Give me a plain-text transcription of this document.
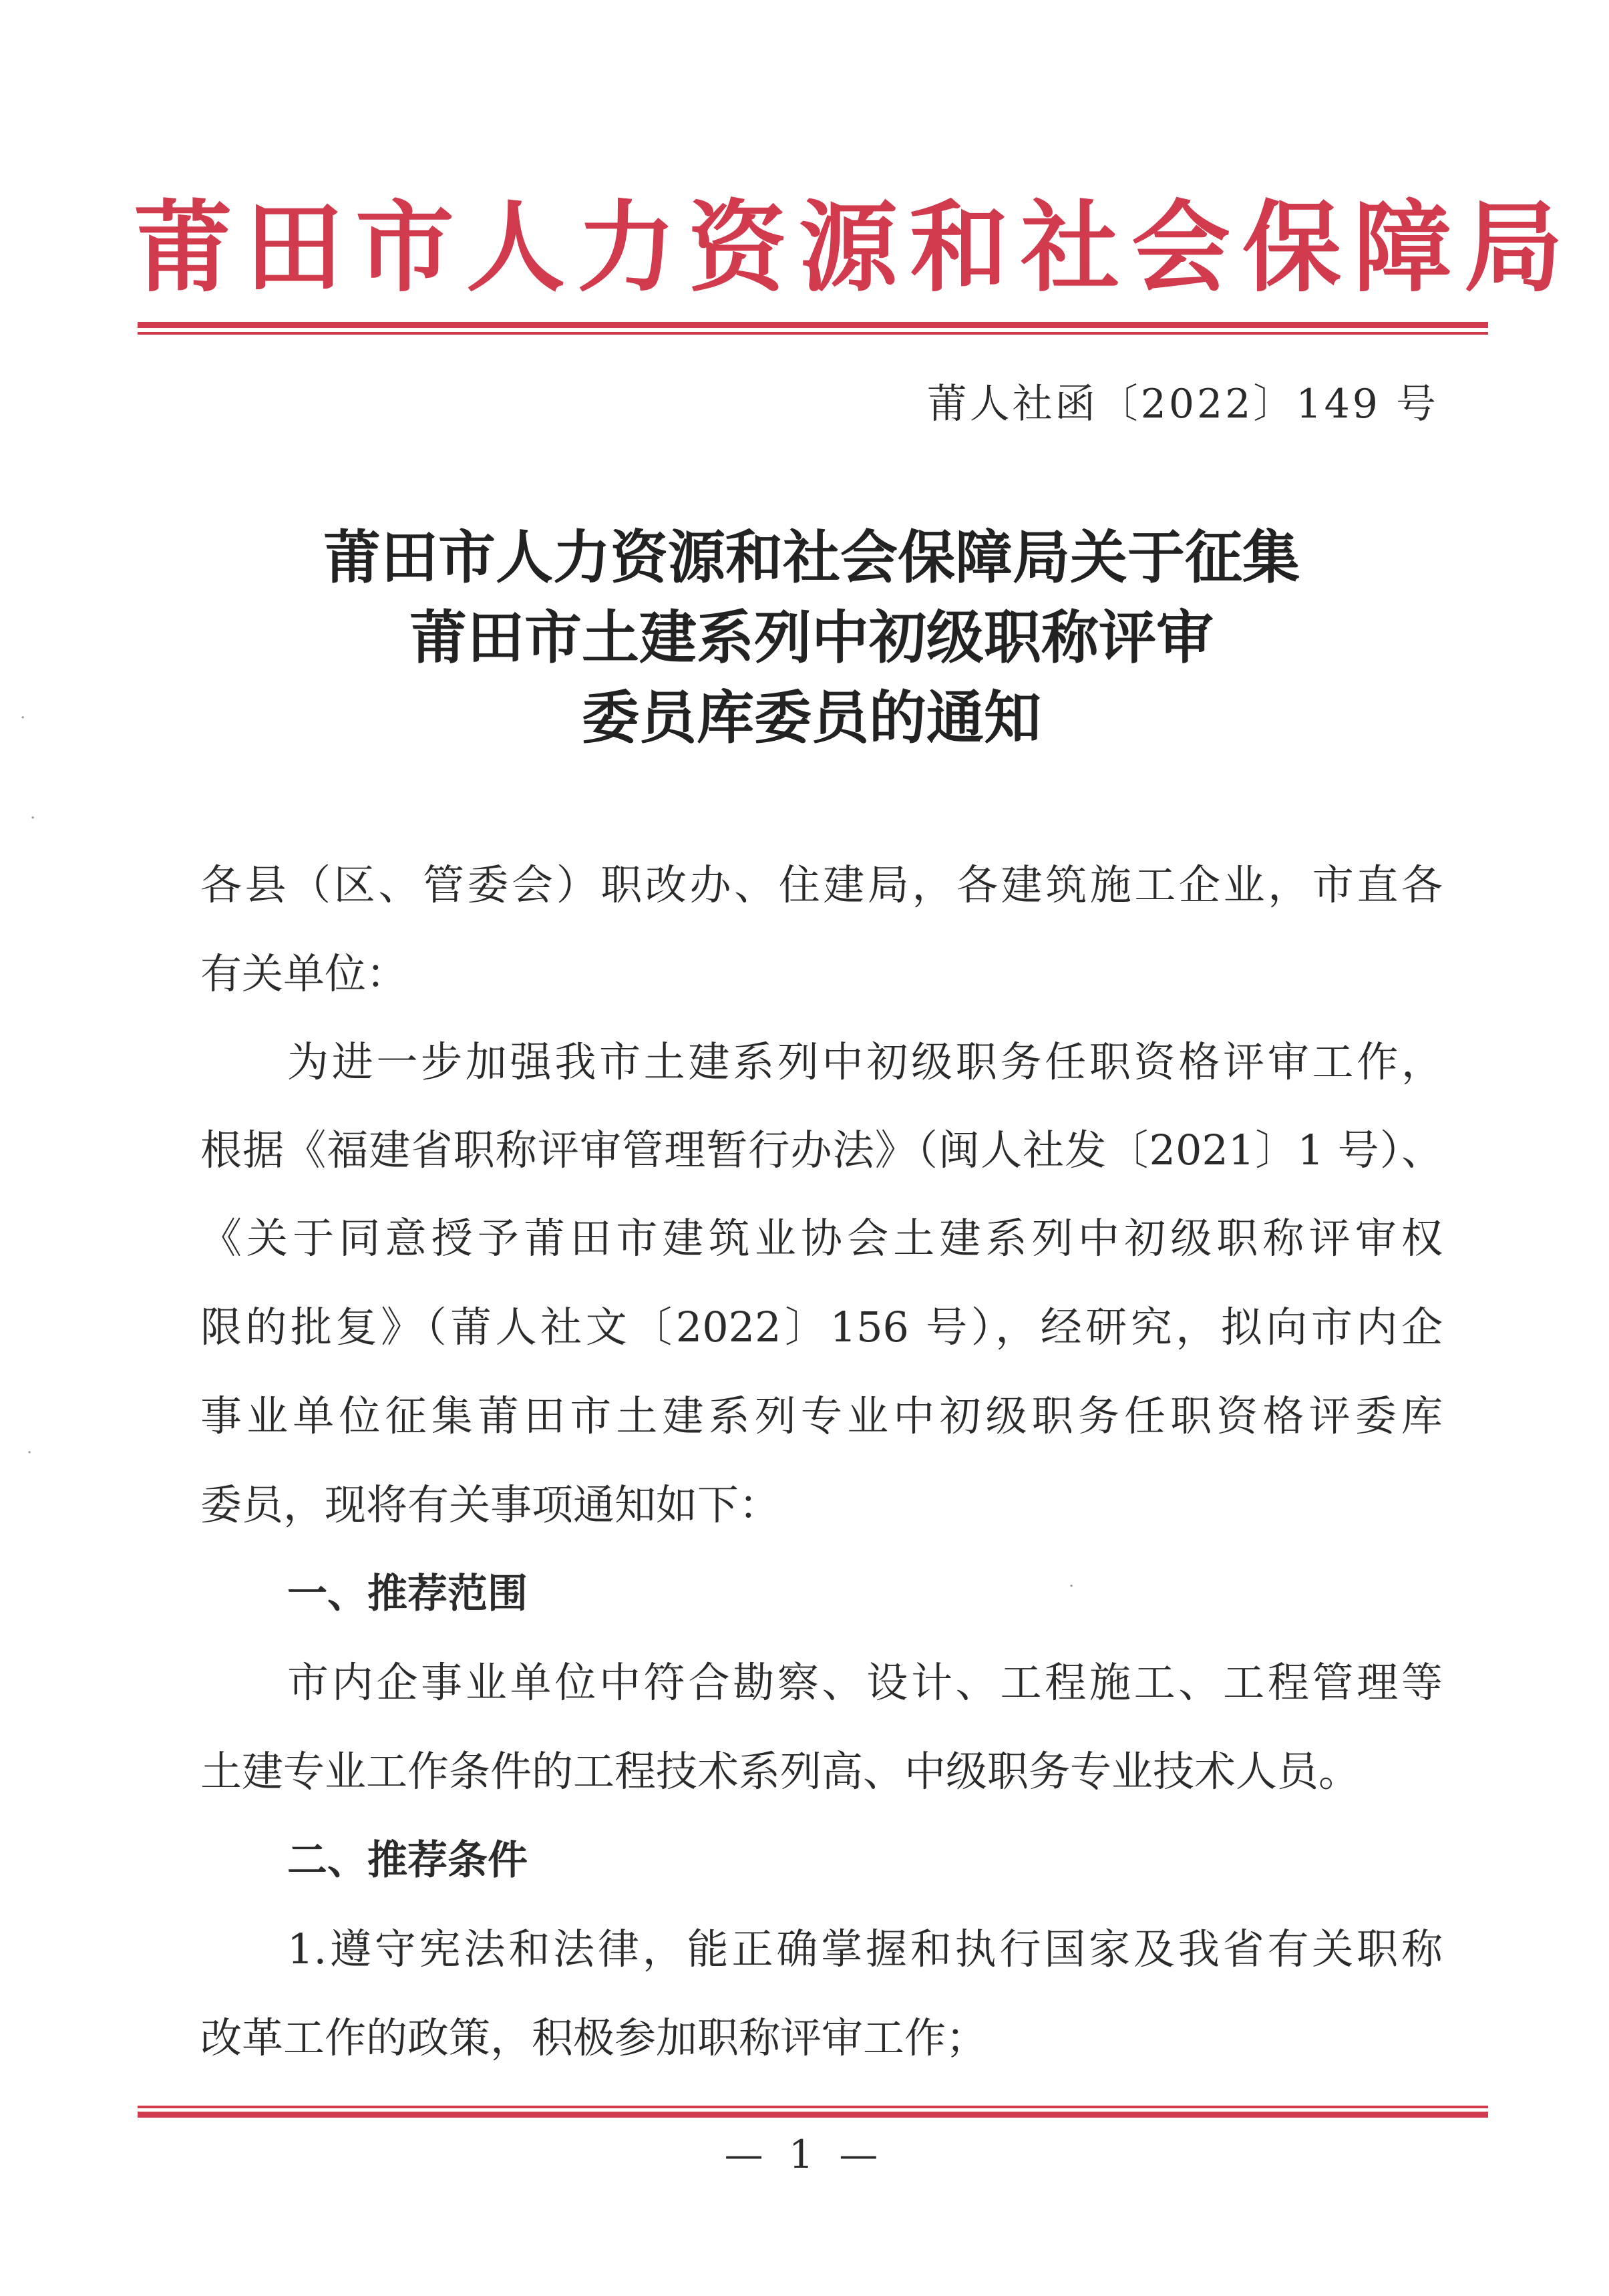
莆田市人力资源和社会保障局
莆人社函〔2022〕149 号
莆田市人力资源和社会保障局关于征集
莆田市土建系列中初级职称评审
委员库委员的通知
各县（区、管委会）职改办、住建局，各建筑施工企业，市直各
有关单位：
为进一步加强我市土建系列中初级职务任职资格评审工作，
根据《福建省职称评审管理暂行办法》（闽人社发〔2021〕1 号）、
《关于同意授予莆田市建筑业协会土建系列中初级职称评审权
限的批复》（莆人社文〔2022〕156 号），经研究，拟向市内企
事业单位征集莆田市土建系列专业中初级职务任职资格评委库
委员，现将有关事项通知如下：
一、推荐范围
市内企事业单位中符合勘察、设计、工程施工、工程管理等
土建专业工作条件的工程技术系列高、中级职务专业技术人员。
二、推荐条件
1.遵守宪法和法律，能正确掌握和执行国家及我省有关职称
改革工作的政策，积极参加职称评审工作；
— 1 —
·
·
·
·
